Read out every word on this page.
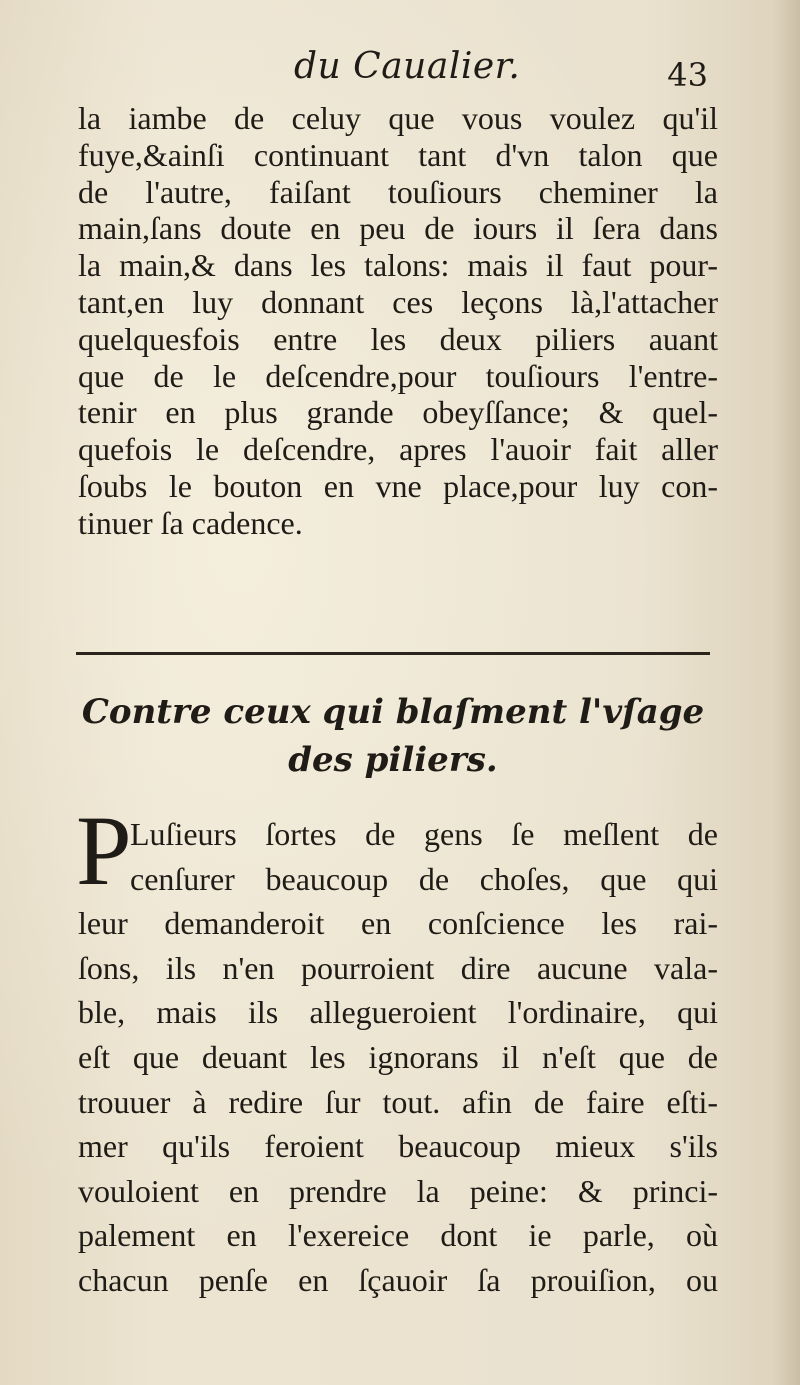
du Caualier.	43
la iambe de celuy que vous voulez qu'il
fuye,&ainſi continuant tant d'vn talon que
de l'autre, faiſant touſiours cheminer la
main,ſans doute en peu de iours il ſera dans
la main,& dans les talons: mais il faut pour-
tant,en luy donnant ces leçons là,l'attacher
quelquesfois entre les deux piliers auant
que de le deſcendre,pour touſiours l'entre-
tenir en plus grande obeyſſance; & quel-
quefois le deſcendre, apres l'auoir fait aller
ſoubs le bouton en vne place,pour luy con-
tinuer ſa cadence.
Contre ceux qui blaſment l'vſage
des piliers.
P
Luſieurs ſortes de gens ſe meſlent de
cenſurer beaucoup de choſes, que qui
leur demanderoit en conſcience les rai-
ſons, ils n'en pourroient dire aucune vala-
ble, mais ils allegueroient l'ordinaire, qui
eſt que deuant les ignorans il n'eſt que de
trouuer à redire ſur tout. afin de faire eſti-
mer qu'ils feroient beaucoup mieux s'ils
vouloient en prendre la peine: & princi-
palement en l'exereice dont ie parle, où
chacun penſe en ſçauoir ſa prouiſion, ou
